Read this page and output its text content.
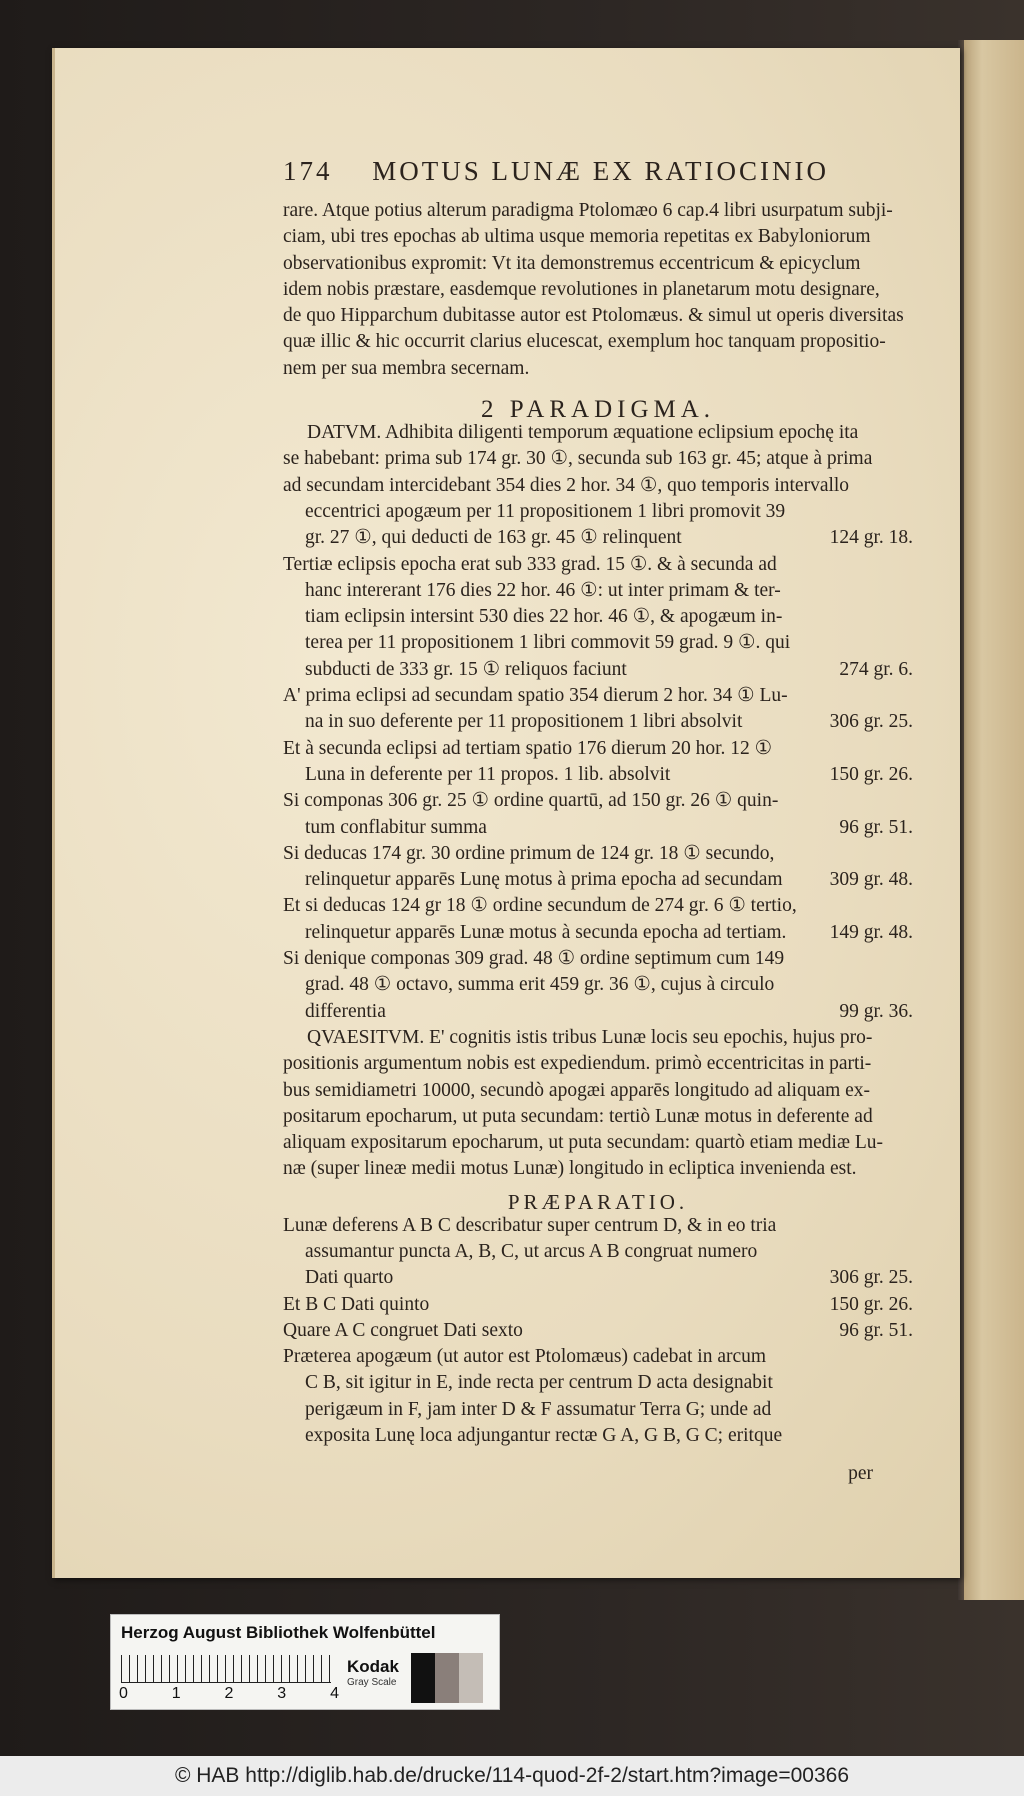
174 MOTUS LUNÆ EX RATIOCINIO
rare. Atque potius alterum paradigma Ptolomæo 6 cap.4 libri usurpatum subji-
ciam, ubi tres epochas ab ultima usque memoria repetitas ex Babyloniorum
observationibus expromit: Vt ita demonstremus eccentricum & epicyclum
idem nobis præstare, easdemque revolutiones in planetarum motu designare,
de quo Hipparchum dubitasse autor est Ptolomæus. & simul ut operis diversitas
quæ illic & hic occurrit clarius elucescat, exemplum hoc tanquam propositio-
nem per sua membra secernam.
2 PARADIGMA.
DATVM. Adhibita diligenti temporum æquatione eclipsium epochę ita
se habebant: prima sub 174 gr. 30 ①, secunda sub 163 gr. 45; atque à prima
ad secundam intercidebant 354 dies 2 hor. 34 ①, quo temporis intervallo
eccentrici apogæum per 11 propositionem 1 libri promovit 39
gr. 27 ①, qui deducti de 163 gr. 45 ① relinquent	124 gr. 18.
Tertiæ eclipsis epocha erat sub 333 grad. 15 ①. & à secunda ad
hanc intererant 176 dies 22 hor. 46 ①: ut inter primam & ter-
tiam eclipsin intersint 530 dies 22 hor. 46 ①, & apogæum in-
terea per 11 propositionem 1 libri commovit 59 grad. 9 ①. qui
subducti de 333 gr. 15 ① reliquos faciunt	274 gr. 6.
A' prima eclipsi ad secundam spatio 354 dierum 2 hor. 34 ① Lu-
na in suo deferente per 11 propositionem 1 libri absolvit	306 gr. 25.
Et à secunda eclipsi ad tertiam spatio 176 dierum 20 hor. 12 ①
Luna in deferente per 11 propos. 1 lib. absolvit	150 gr. 26.
Si componas 306 gr. 25 ① ordine quartū, ad 150 gr. 26 ① quin-
tum conflabitur summa	96 gr. 51.
Si deducas 174 gr. 30 ordine primum de 124 gr. 18 ① secundo,
relinquetur apparēs Lunę motus à prima epocha ad secundam	309 gr. 48.
Et si deducas 124 gr 18 ① ordine secundum de 274 gr. 6 ① tertio,
relinquetur apparēs Lunæ motus à secunda epocha ad tertiam.	149 gr. 48.
Si denique componas 309 grad. 48 ① ordine septimum cum 149
grad. 48 ① octavo, summa erit 459 gr. 36 ①, cujus à circulo
differentia	99 gr. 36.
QVAESITVM. E' cognitis istis tribus Lunæ locis seu epochis, hujus pro-
positionis argumentum nobis est expediendum. primò eccentricitas in parti-
bus semidiametri 10000, secundò apogæi apparēs longitudo ad aliquam ex-
positarum epocharum, ut puta secundam: tertiò Lunæ motus in deferente ad
aliquam expositarum epocharum, ut puta secundam: quartò etiam mediæ Lu-
næ (super lineæ medii motus Lunæ) longitudo in ecliptica invenienda est.
PRÆPARATIO.
Lunæ deferens A B C describatur super centrum D, & in eo tria
assumantur puncta A, B, C, ut arcus A B congruat numero
Dati quarto	306 gr. 25.
Et B C Dati quinto	150 gr. 26.
Quare A C congruet Dati sexto	96 gr. 51.
Præterea apogæum (ut autor est Ptolomæus) cadebat in arcum
C B, sit igitur in E, inde recta per centrum D acta designabit
perigæum in F, jam inter D & F assumatur Terra G; unde ad
exposita Lunę loca adjungantur rectæ G A, G B, G C; eritque
per
Herzog August Bibliothek Wolfenbüttel
0	1	2	3	4
Kodak
Gray Scale
© HAB http://diglib.hab.de/drucke/114-quod-2f-2/start.htm?image=00366
